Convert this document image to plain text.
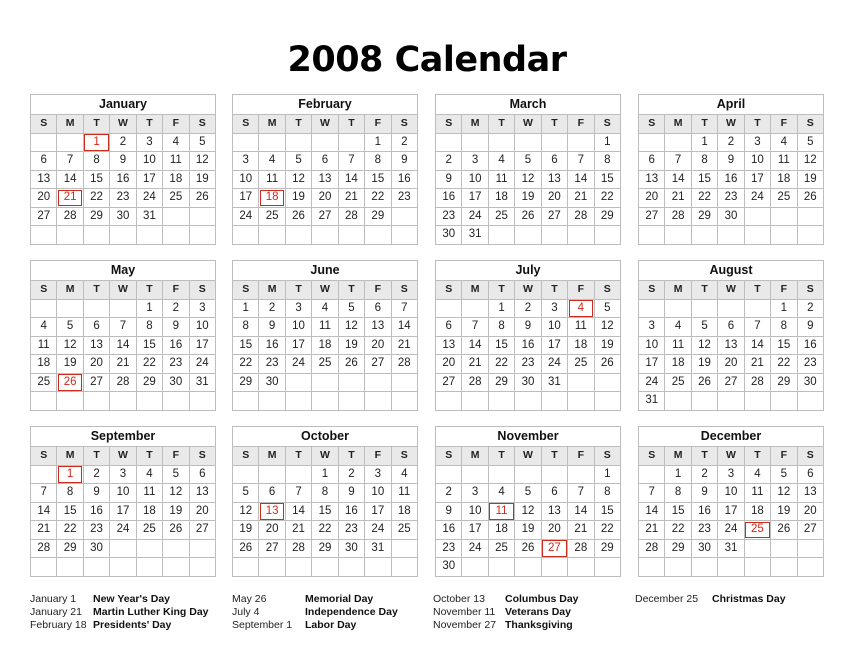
2008 Calendar
January						
S	M	T	W	T	F	S
		1	2	3	4	5
6	7	8	9	10	11	12
13	14	15	16	17	18	19
20	21	22	23	24	25	26
27	28	29	30	31		

February						
S	M	T	W	T	F	S
					1	2
3	4	5	6	7	8	9
10	11	12	13	14	15	16
17	18	19	20	21	22	23
24	25	26	27	28	29	

March						
S	M	T	W	T	F	S
						1
2	3	4	5	6	7	8
9	10	11	12	13	14	15
16	17	18	19	20	21	22
23	24	25	26	27	28	29
30	31					
April						
S	M	T	W	T	F	S
		1	2	3	4	5
6	7	8	9	10	11	12
13	14	15	16	17	18	19
20	21	22	23	24	25	26
27	28	29	30			

May						
S	M	T	W	T	F	S
				1	2	3
4	5	6	7	8	9	10
11	12	13	14	15	16	17
18	19	20	21	22	23	24
25	26	27	28	29	30	31

June						
S	M	T	W	T	F	S
1	2	3	4	5	6	7
8	9	10	11	12	13	14
15	16	17	18	19	20	21
22	23	24	25	26	27	28
29	30					

July						
S	M	T	W	T	F	S
		1	2	3	4	5
6	7	8	9	10	11	12
13	14	15	16	17	18	19
20	21	22	23	24	25	26
27	28	29	30	31		

August						
S	M	T	W	T	F	S
					1	2
3	4	5	6	7	8	9
10	11	12	13	14	15	16
17	18	19	20	21	22	23
24	25	26	27	28	29	30
31						
September						
S	M	T	W	T	F	S
	1	2	3	4	5	6
7	8	9	10	11	12	13
14	15	16	17	18	19	20
21	22	23	24	25	26	27
28	29	30				

October						
S	M	T	W	T	F	S
			1	2	3	4
5	6	7	8	9	10	11
12	13	14	15	16	17	18
19	20	21	22	23	24	25
26	27	28	29	30	31	

November						
S	M	T	W	T	F	S
						1
2	3	4	5	6	7	8
9	10	11	12	13	14	15
16	17	18	19	20	21	22
23	24	25	26	27	28	29
30						
December						
S	M	T	W	T	F	S
	1	2	3	4	5	6
7	8	9	10	11	12	13
14	15	16	17	18	19	20
21	22	23	24	25	26	27
28	29	30	31			

January 1 New Year's Day
January 21 Martin Luther King Day
February 18 Presidents' Day
May 26	Memorial Day
July 4	Independence Day
September 1 Labor Day
October 13 Columbus Day
November 11 Veterans Day
November 27 Thanksgiving
December 25 Christmas Day
